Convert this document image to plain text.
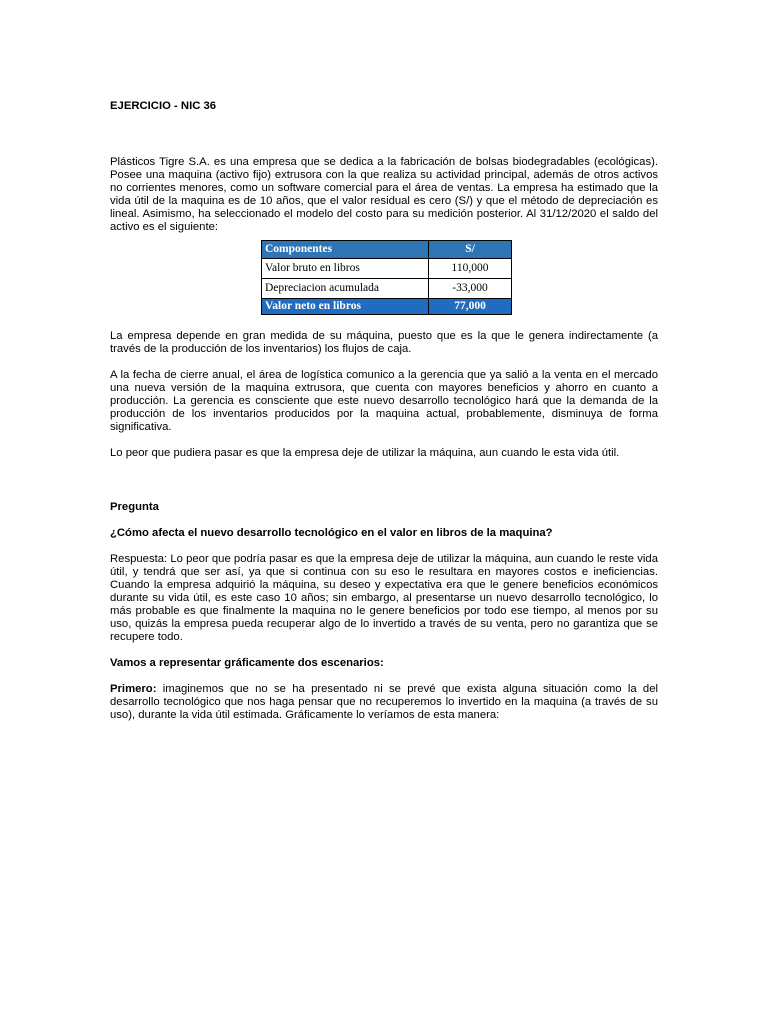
EJERCICIO - NIC 36

Plásticos Tigre S.A. es una empresa que se dedica a la fabricación de bolsas biodegradables (ecológicas). Posee una maquina (activo fijo) extrusora con la que realiza su actividad principal, además de otros activos no corrientes menores, como un software comercial para el área de ventas. La empresa ha estimado que la vida útil de la maquina es de 10 años, que el valor residual es cero (S/) y que el método de depreciación es lineal. Asimismo, ha seleccionado el modelo del costo para su medición posterior. Al 31/12/2020 el saldo del activo es el siguiente:

Componentes	S/
Valor bruto en libros	110,000
Depreciacion acumulada	-33,000
Valor neto en libros	77,000

La empresa depende en gran medida de su máquina, puesto que es la que le genera indirectamente (a través de la producción de los inventarios) los flujos de caja.

A la fecha de cierre anual, el área de logística comunico a la gerencia que ya salió a la venta en el mercado una nueva versión de la maquina extrusora, que cuenta con mayores beneficios y ahorro en cuanto a producción. La gerencia es consciente que este nuevo desarrollo tecnológico hará que la demanda de la producción de los inventarios producidos por la maquina actual, probablemente, disminuya de forma significativa.

Lo peor que pudiera pasar es que la empresa deje de utilizar la máquina, aun cuando le esta vida útil.

Pregunta

¿Cómo afecta el nuevo desarrollo tecnológico en el valor en libros de la maquina?

Respuesta: Lo peor que podría pasar es que la empresa deje de utilizar la máquina, aun cuando le reste vida útil, y tendrá que ser así, ya que si continua con su eso le resultara en mayores costos e ineficiencias. Cuando la empresa adquirió la máquina, su deseo y expectativa era que le genere beneficios económicos durante su vida útil, es este caso 10 años; sin embargo, al presentarse un nuevo desarrollo tecnológico, lo más probable es que finalmente la maquina no le genere beneficios por todo ese tiempo, al menos por su uso, quizás la empresa pueda recuperar algo de lo invertido a través de su venta, pero no garantiza que se recupere todo.

Vamos a representar gráficamente dos escenarios:

Primero: imaginemos que no se ha presentado ni se prevé que exista alguna situación como la del desarrollo tecnológico que nos haga pensar que no recuperemos lo invertido en la maquina (a través de su uso), durante la vida útil estimada. Gráficamente lo veríamos de esta manera:
